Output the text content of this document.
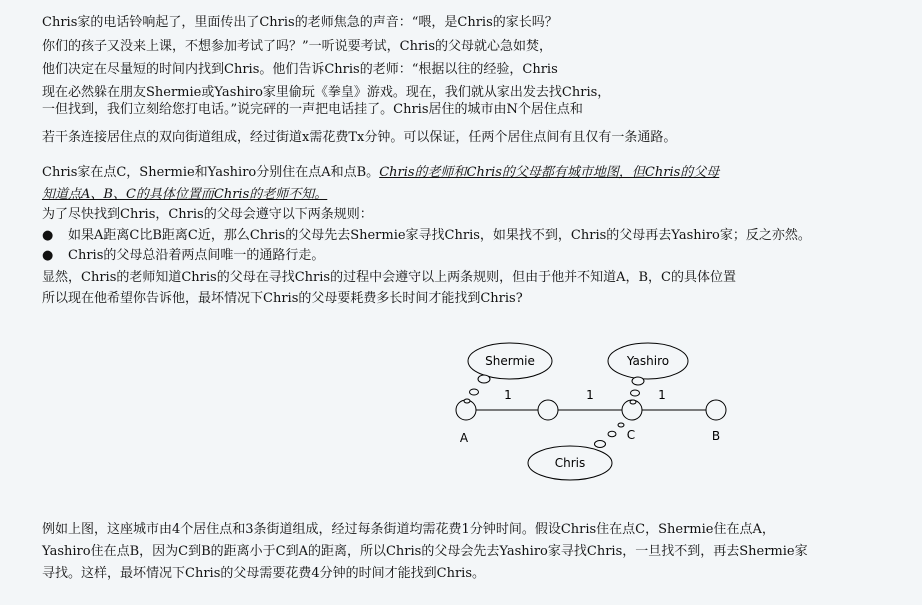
Chris家的电话铃响起了，里面传出了Chris的老师焦急的声音：“喂，是Chris的家长吗？
你们的孩子又没来上课，不想参加考试了吗？”一听说要考试，Chris的父母就心急如焚，
他们决定在尽量短的时间内找到Chris。他们告诉Chris的老师：“根据以往的经验，Chris
现在必然躲在朋友Shermie或Yashiro家里偷玩《拳皇》游戏。现在，我们就从家出发去找Chris，
一但找到，我们立刻给您打电话。”说完砰的一声把电话挂了。Chris居住的城市由N个居住点和
若干条连接居住点的双向街道组成，经过街道x需花费Tx分钟。可以保证，任两个居住点间有且仅有一条通路。
Chris家在点C，Shermie和Yashiro分别住在点A和点B。Chris的老师和Chris的父母都有城市地图，但Chris的父母
知道点A、B、C的具体位置而Chris的老师不知。
为了尽快找到Chris，Chris的父母会遵守以下两条规则：
● 如果A距离C比B距离C近，那么Chris的父母先去Shermie家寻找Chris，如果找不到，Chris的父母再去Yashiro家；反之亦然。
● Chris的父母总沿着两点间唯一的通路行走。
显然，Chris的老师知道Chris的父母在寻找Chris的过程中会遵守以上两条规则，但由于他并不知道A，B，C的具体位置
所以现在他希望你告诉他，最坏情况下Chris的父母要耗费多长时间才能找到Chris?
1	1	1
A	C	B
Shermie	Yashiro
Chris
例如上图，这座城市由4个居住点和3条街道组成，经过每条街道均需花费1分钟时间。假设Chris住在点C，Shermie住在点A，
Yashiro住在点B，因为C到B的距离小于C到A的距离，所以Chris的父母会先去Yashiro家寻找Chris，一旦找不到，再去Shermie家
寻找。这样，最坏情况下Chris的父母需要花费4分钟的时间才能找到Chris。
